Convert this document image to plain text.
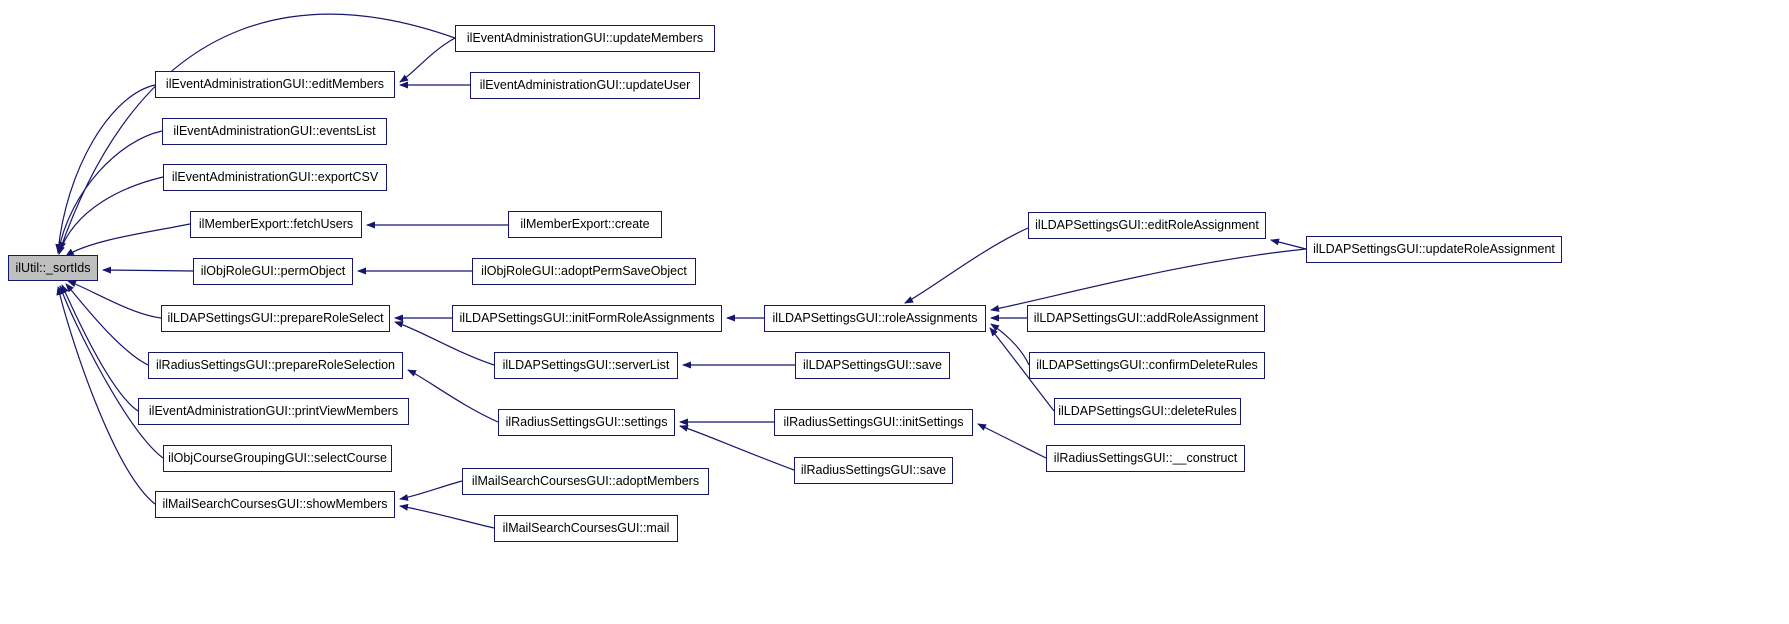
ilUtil::_sortIds
ilEventAdministrationGUI::updateMembers
ilEventAdministrationGUI::editMembers	ilEventAdministrationGUI::updateUser
ilEventAdministrationGUI::eventsList
ilEventAdministrationGUI::exportCSV
ilMemberExport::fetchUsers	ilMemberExport::create
ilObjRoleGUI::permObject	ilObjRoleGUI::adoptPermSaveObject
ilLDAPSettingsGUI::prepareRoleSelect	ilLDAPSettingsGUI::initFormRoleAssignments	ilLDAPSettingsGUI::roleAssignments
ilLDAPSettingsGUI::editRoleAssignment
ilLDAPSettingsGUI::updateRoleAssignment
ilLDAPSettingsGUI::addRoleAssignment
ilLDAPSettingsGUI::confirmDeleteRules
ilLDAPSettingsGUI::deleteRules
ilLDAPSettingsGUI::serverList	ilLDAPSettingsGUI::save
ilRadiusSettingsGUI::prepareRoleSelection
ilEventAdministrationGUI::printViewMembers
ilRadiusSettingsGUI::settings	ilRadiusSettingsGUI::initSettings
ilRadiusSettingsGUI::__construct
ilRadiusSettingsGUI::save
ilObjCourseGroupingGUI::selectCourse
ilMailSearchCoursesGUI::adoptMembers
ilMailSearchCoursesGUI::showMembers
ilMailSearchCoursesGUI::mail
